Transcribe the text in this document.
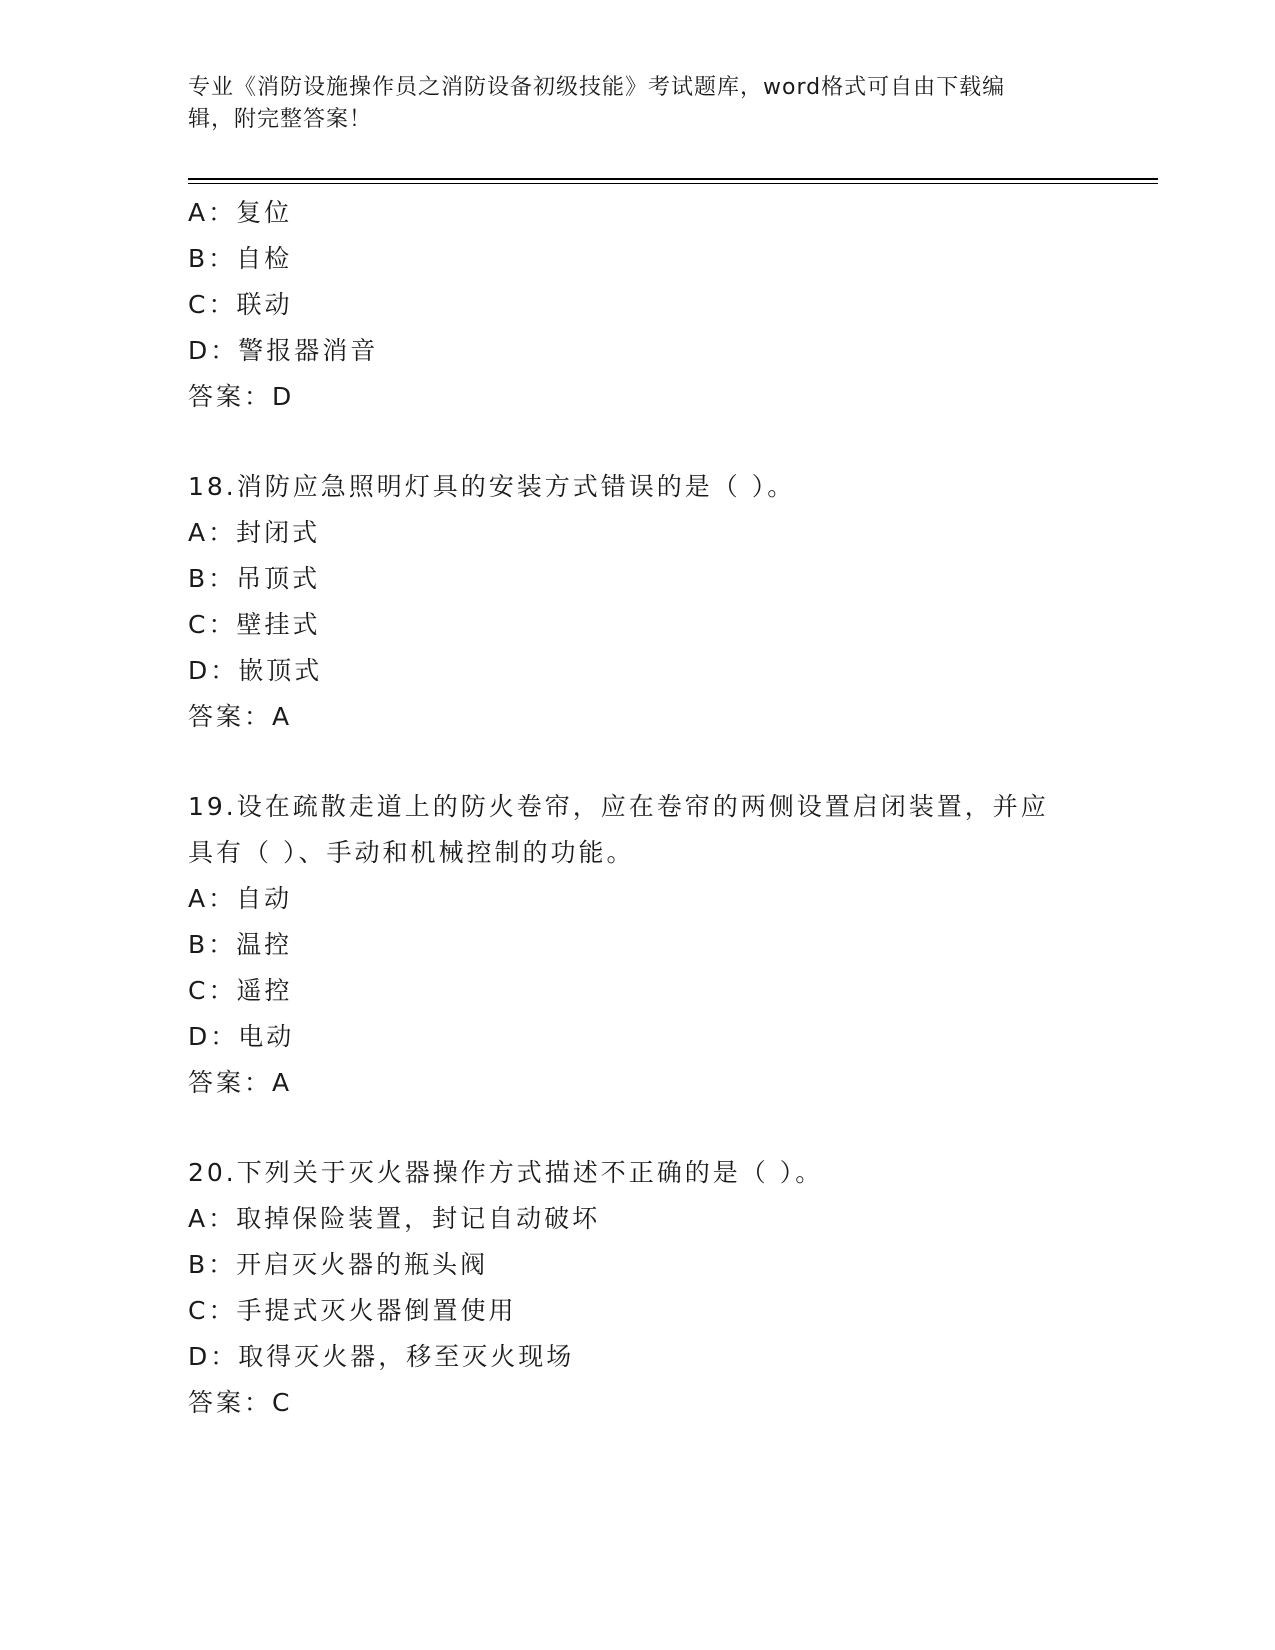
专业《消防设施操作员之消防设备初级技能》考试题库，word格式可自由下载编
辑，附完整答案！
A：复位
B：自检
C：联动
D：警报器消音
答案：D
18.消防应急照明灯具的安装方式错误的是（ ）。
A：封闭式
B：吊顶式
C：壁挂式
D：嵌顶式
答案：A
19.设在疏散走道上的防火卷帘，应在卷帘的两侧设置启闭装置，并应
具有（ ）、手动和机械控制的功能。
A：自动
B：温控
C：遥控
D：电动
答案：A
20.下列关于灭火器操作方式描述不正确的是（ ）。
A：取掉保险装置，封记自动破坏
B：开启灭火器的瓶头阀
C：手提式灭火器倒置使用
D：取得灭火器，移至灭火现场
答案：C
